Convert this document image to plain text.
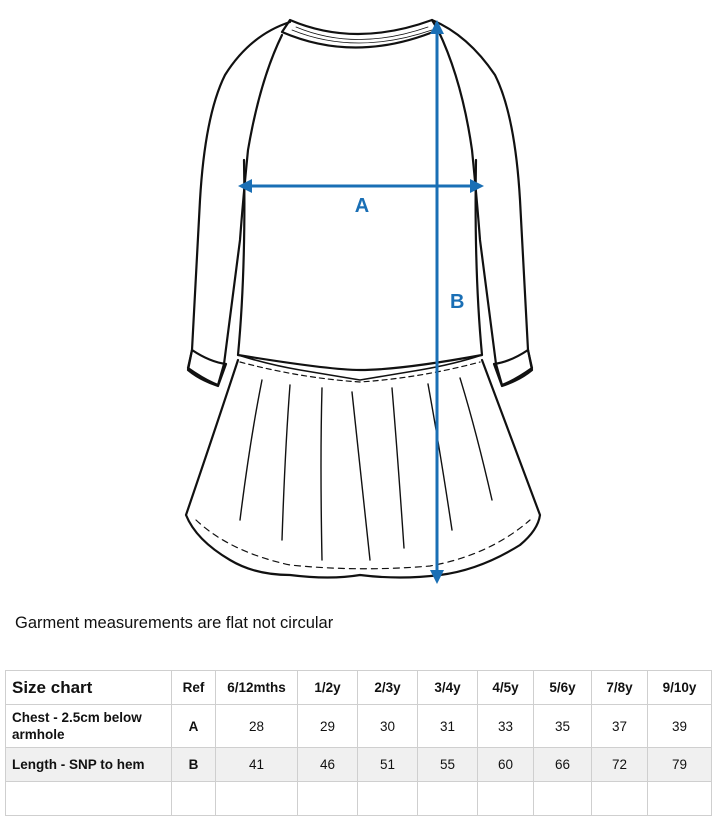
A
B
Garment measurements are flat not circular
Size chart	Ref	6/12mths	1/2y	2/3y	3/4y	4/5y	5/6y	7/8y	9/10y
Chest - 2.5cm below armhole	A	28	29	30	31	33	35	37	39
Length - SNP to hem	B	41	46	51	55	60	66	72	79
